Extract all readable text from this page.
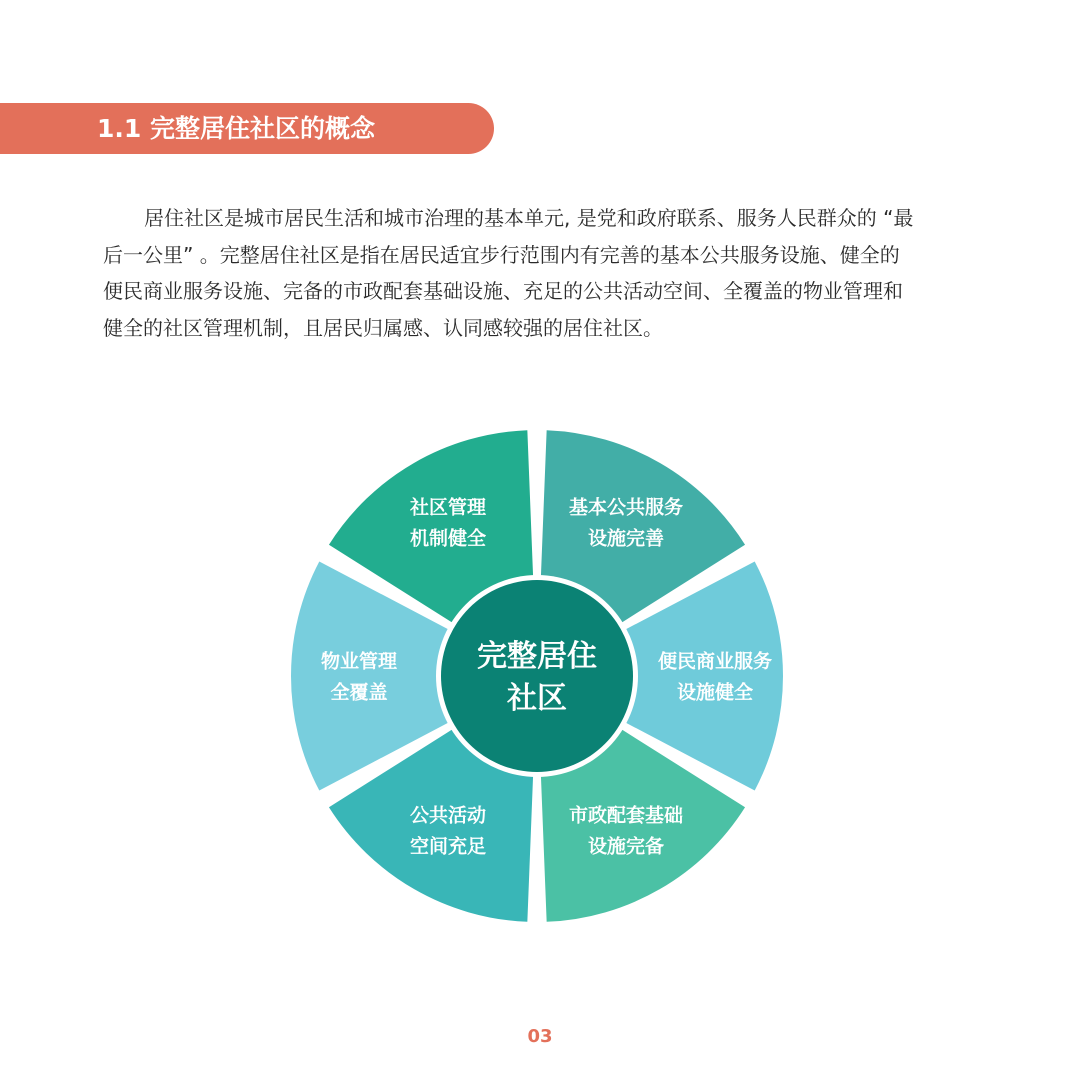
1.1 完整居住社区的概念

居住社区是城市居民生活和城市治理的基本单元, 是党和政府联系、服务人民群众的 “最
后一公里” 。完整居住社区是指在居民适宜步行范围内有完善的基本公共服务设施、健全的
便民商业服务设施、完备的市政配套基础设施、充足的公共活动空间、全覆盖的物业管理和
健全的社区管理机制，且居民归属感、认同感较强的居住社区。

基本公共服务设施完善
便民商业服务设施健全
市政配套基础设施完备
公共活动空间充足
物业管理全覆盖
社区管理机制健全
完整居住社区
03
